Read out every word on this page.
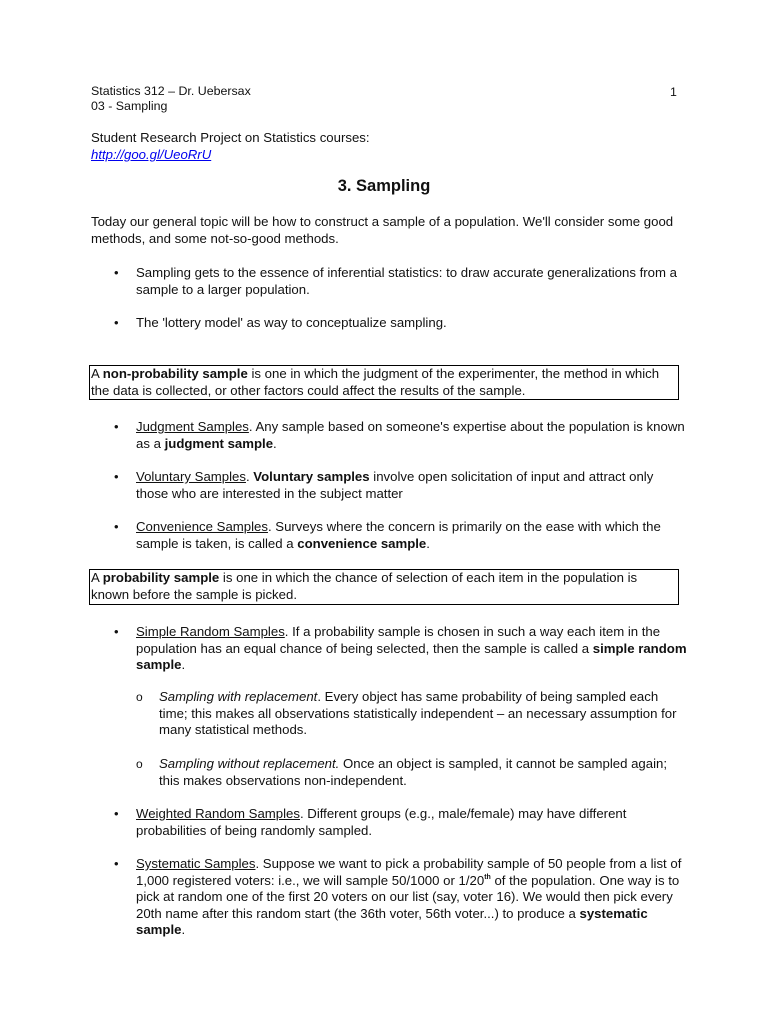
Statistics 312 – Dr. Uebersax
03 - Sampling
1
Student Research Project on Statistics courses:
http://goo.gl/UeoRrU
3. Sampling
Today our general topic will be how to construct a sample of a population. We'll consider some good methods, and some not-so-good methods.
• Sampling gets to the essence of inferential statistics: to draw accurate generalizations from a sample to a larger population.
• The 'lottery model' as way to conceptualize sampling.
A non-probability sample is one in which the judgment of the experimenter, the method in which the data is collected, or other factors could affect the results of the sample.
• Judgment Samples. Any sample based on someone's expertise about the population is known as a judgment sample.
• Voluntary Samples. Voluntary samples involve open solicitation of input and attract only those who are interested in the subject matter
• Convenience Samples. Surveys where the concern is primarily on the ease with which the sample is taken, is called a convenience sample.
A probability sample is one in which the chance of selection of each item in the population is known before the sample is picked.
• Simple Random Samples. If a probability sample is chosen in such a way each item in the population has an equal chance of being selected, then the sample is called a simple random sample.
o Sampling with replacement. Every object has same probability of being sampled each time; this makes all observations statistically independent – an necessary assumption for many statistical methods.
o Sampling without replacement. Once an object is sampled, it cannot be sampled again; this makes observations non-independent.
• Weighted Random Samples. Different groups (e.g., male/female) may have different probabilities of being randomly sampled.
• Systematic Samples. Suppose we want to pick a probability sample of 50 people from a list of 1,000 registered voters: i.e., we will sample 50/1000 or 1/20th of the population. One way is to pick at random one of the first 20 voters on our list (say, voter 16). We would then pick every 20th name after this random start (the 36th voter, 56th voter...) to produce a systematic sample.
